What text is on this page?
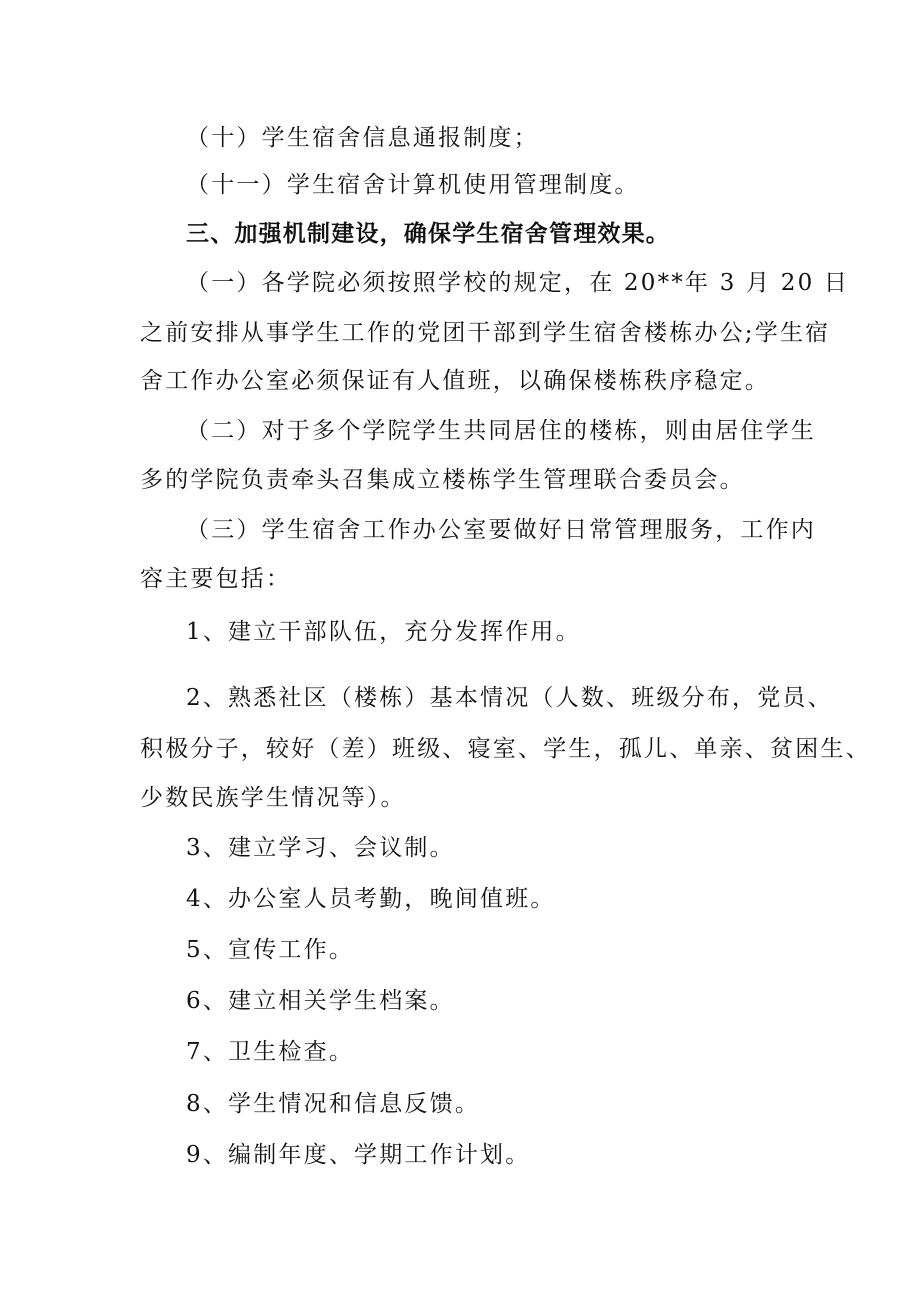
（十）学生宿舍信息通报制度；
（十一）学生宿舍计算机使用管理制度。
三、加强机制建设，确保学生宿舍管理效果。
（一）各学院必须按照学校的规定，在 20**年 3 月 20 日
之前安排从事学生工作的党团干部到学生宿舍楼栋办公;学生宿
舍工作办公室必须保证有人值班，以确保楼栋秩序稳定。
（二）对于多个学院学生共同居住的楼栋，则由居住学生
多的学院负责牵头召集成立楼栋学生管理联合委员会。
（三）学生宿舍工作办公室要做好日常管理服务，工作内
容主要包括：
1、建立干部队伍，充分发挥作用。
2、熟悉社区（楼栋）基本情况（人数、班级分布，党员、
积极分子，较好（差）班级、寝室、学生，孤儿、单亲、贫困生、
少数民族学生情况等）。
3、建立学习、会议制。
4、办公室人员考勤，晚间值班。
5、宣传工作。
6、建立相关学生档案。
7、卫生检查。
8、学生情况和信息反馈。
9、编制年度、学期工作计划。
